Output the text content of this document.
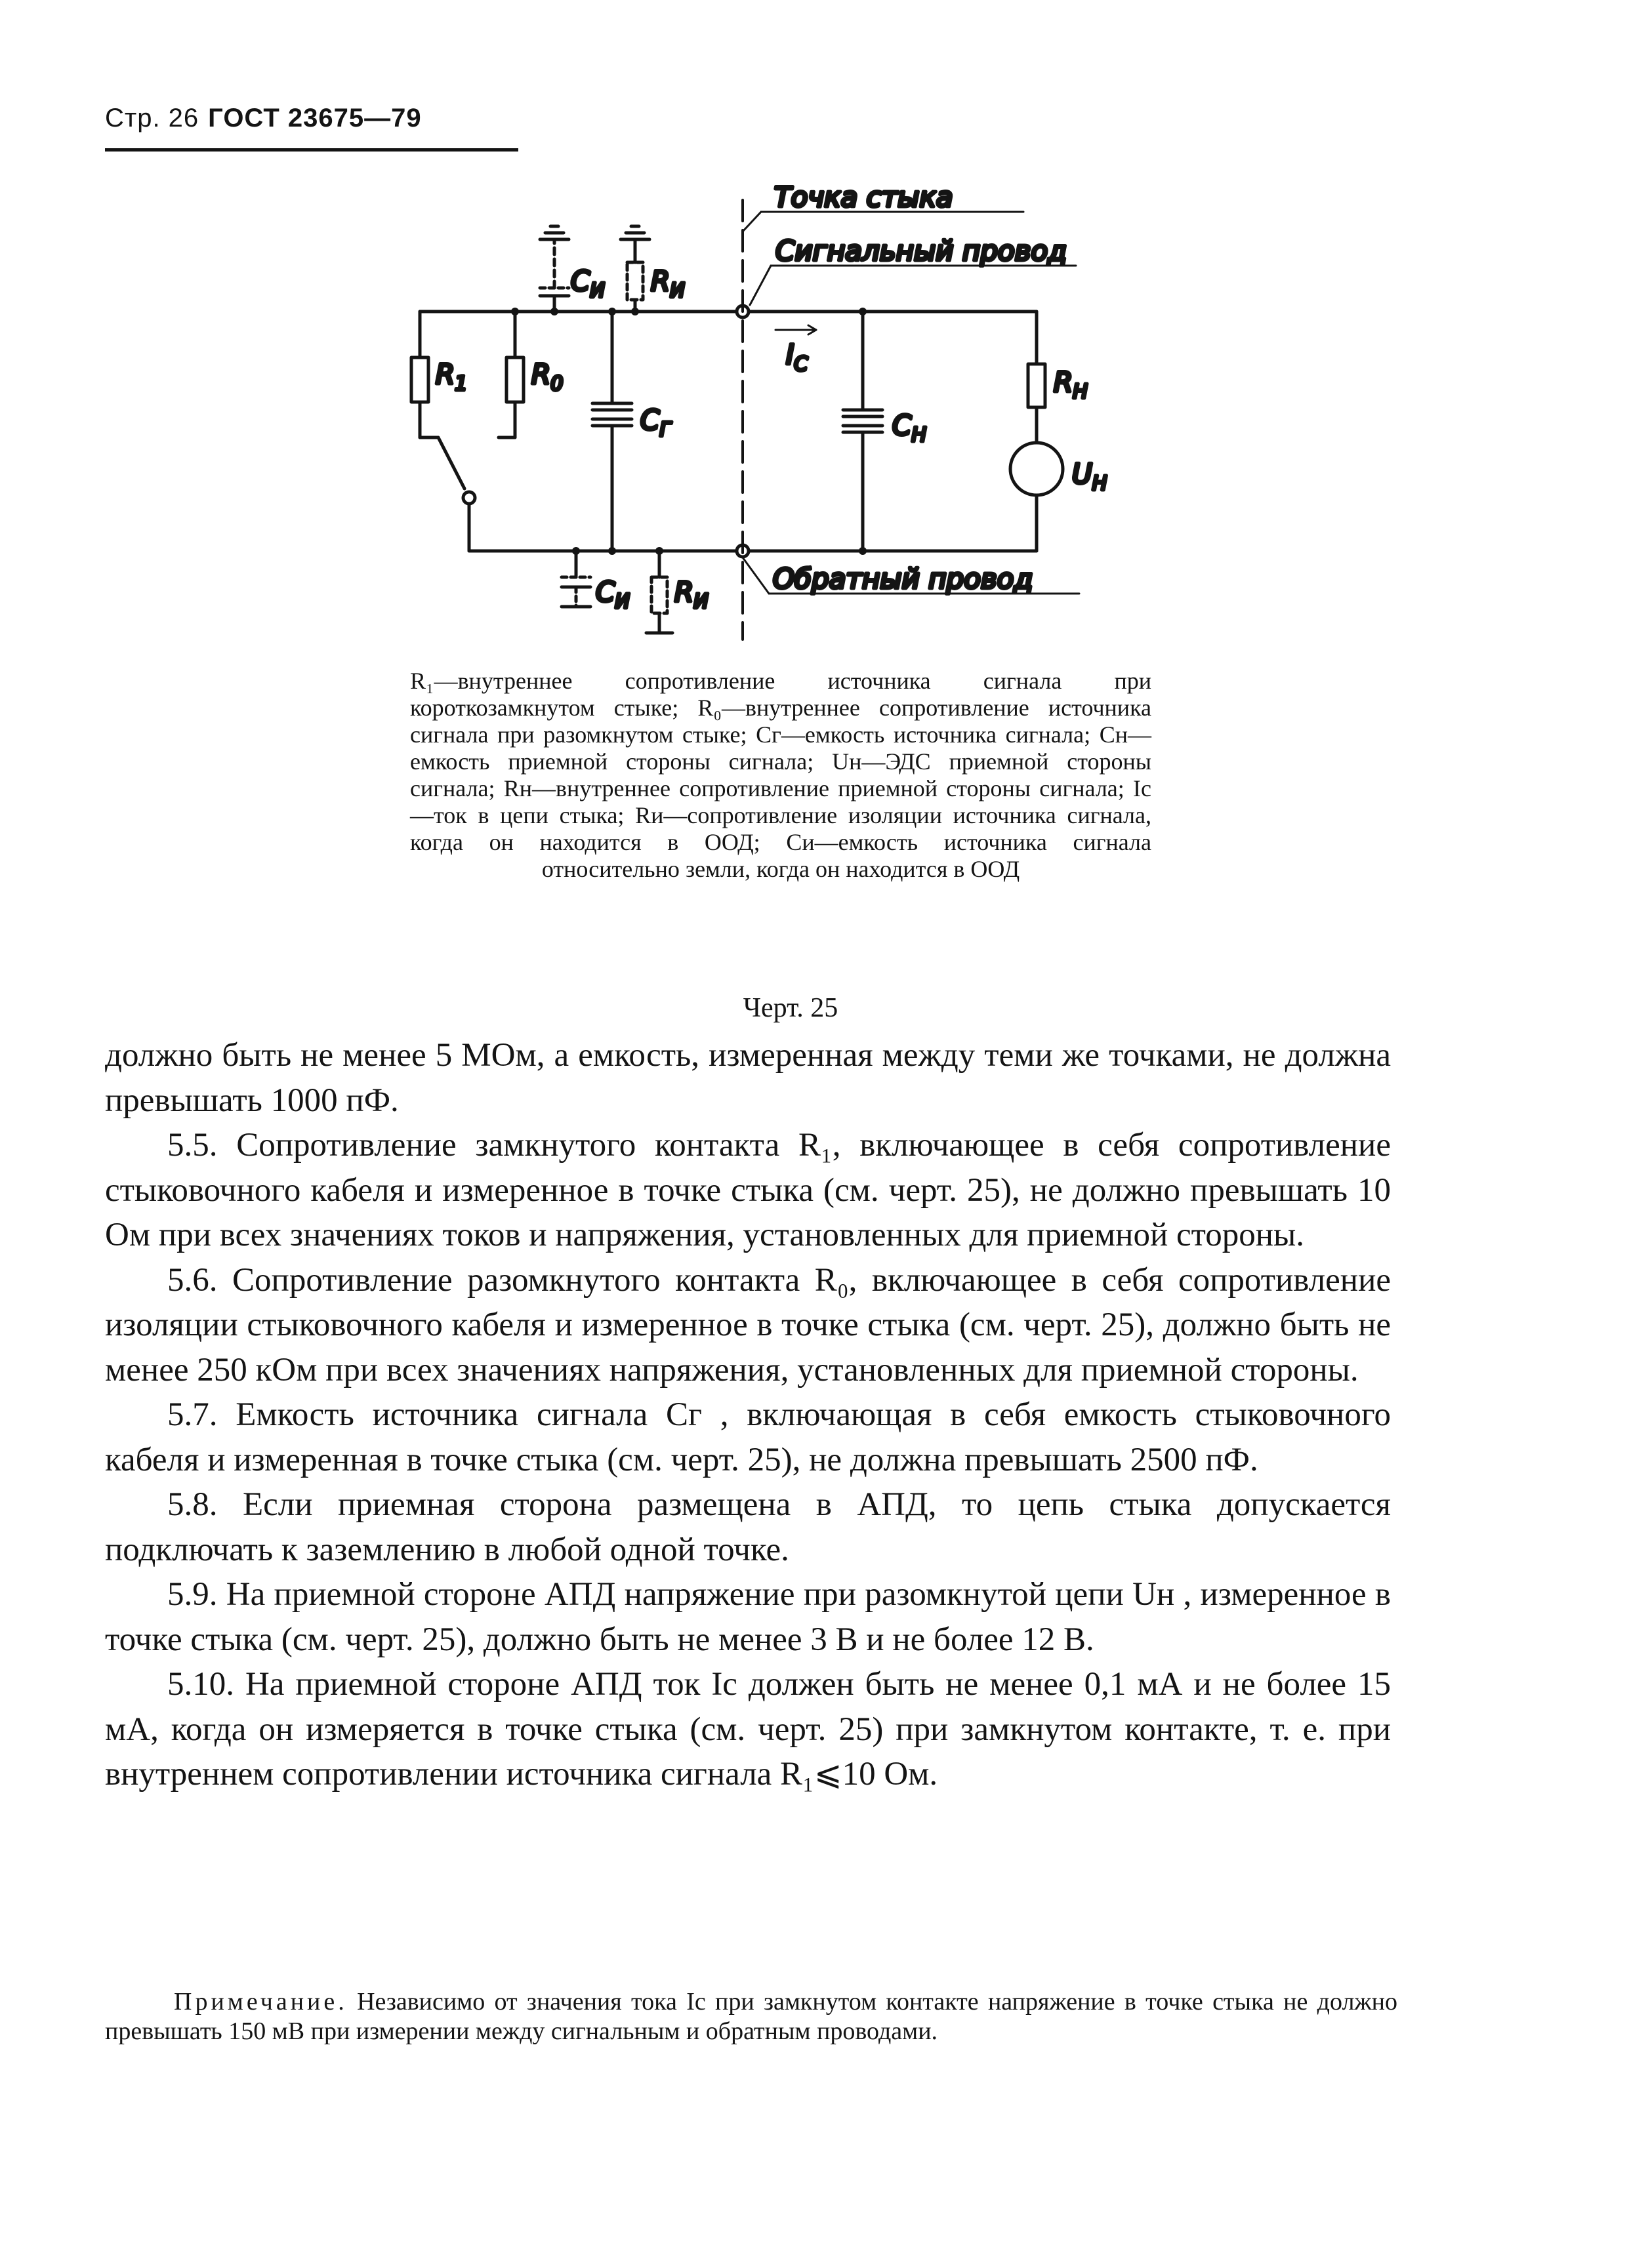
Стр. 26 ГОСТ 23675—79
Точка стыка
Сигнальный провод
Обратный провод
$R_1$ $R_0$
$C_Г$	$C_Н$
$R_Н$
$U_Н$
$I_С$
$C_И$ $R_И$
$C_И$ $R_И$
R₁—внутреннее сопротивление источника сигнала при короткозамкнутом стыке; R₀—внутреннее сопротивление источника сигнала при разомкнутом стыке; Cг—емкость источника сигнала; Cн—емкость приемной стороны сигнала; Uн—ЭДС приемной стороны сигнала; Rн—внутреннее сопротивление приемной стороны сигнала; Iс—ток в цепи стыка; Rи—сопротивление изоляции источника сигнала, когда он находится в ООД; Cи—емкость источника сигнала относительно земли, когда он находится в ООД
Черт. 25

должно быть не менее 5 МОм, а емкость, измеренная между теми же точками, не должна превышать 1000 пФ.

5.5. Сопротивление замкнутого контакта R₁, включающее в себя сопротивление стыковочного кабеля и измеренное в точке стыка (см. черт. 25), не должно превышать 10 Ом при всех значениях токов и напряжения, установленных для приемной стороны.

5.6. Сопротивление разомкнутого контакта R₀, включающее в себя сопротивление изоляции стыковочного кабеля и измеренное в точке стыка (см. черт. 25), должно быть не менее 250 кОм при всех значениях напряжения, установленных для приемной стороны.

5.7. Емкость источника сигнала Cг , включающая в себя емкость стыковочного кабеля и измеренная в точке стыка (см. черт. 25), не должна превышать 2500 пФ.

5.8. Если приемная сторона размещена в АПД, то цепь стыка допускается подключать к заземлению в любой одной точке.

5.9. На приемной стороне АПД напряжение при разомкнутой цепи Uн , измеренное в точке стыка (см. черт. 25), должно быть не менее 3 В и не более 12 В.

5.10. На приемной стороне АПД ток Iс должен быть не менее 0,1 мА и не более 15 мА, когда он измеряется в точке стыка (см. черт. 25) при замкнутом контакте, т. е. при внутреннем сопротивлении источника сигнала R₁⩽10 Ом.

Примечание. Независимо от значения тока Iс при замкнутом контакте напряжение в точке стыка не должно превышать 150 мВ при измерении между сигнальным и обратным проводами.
